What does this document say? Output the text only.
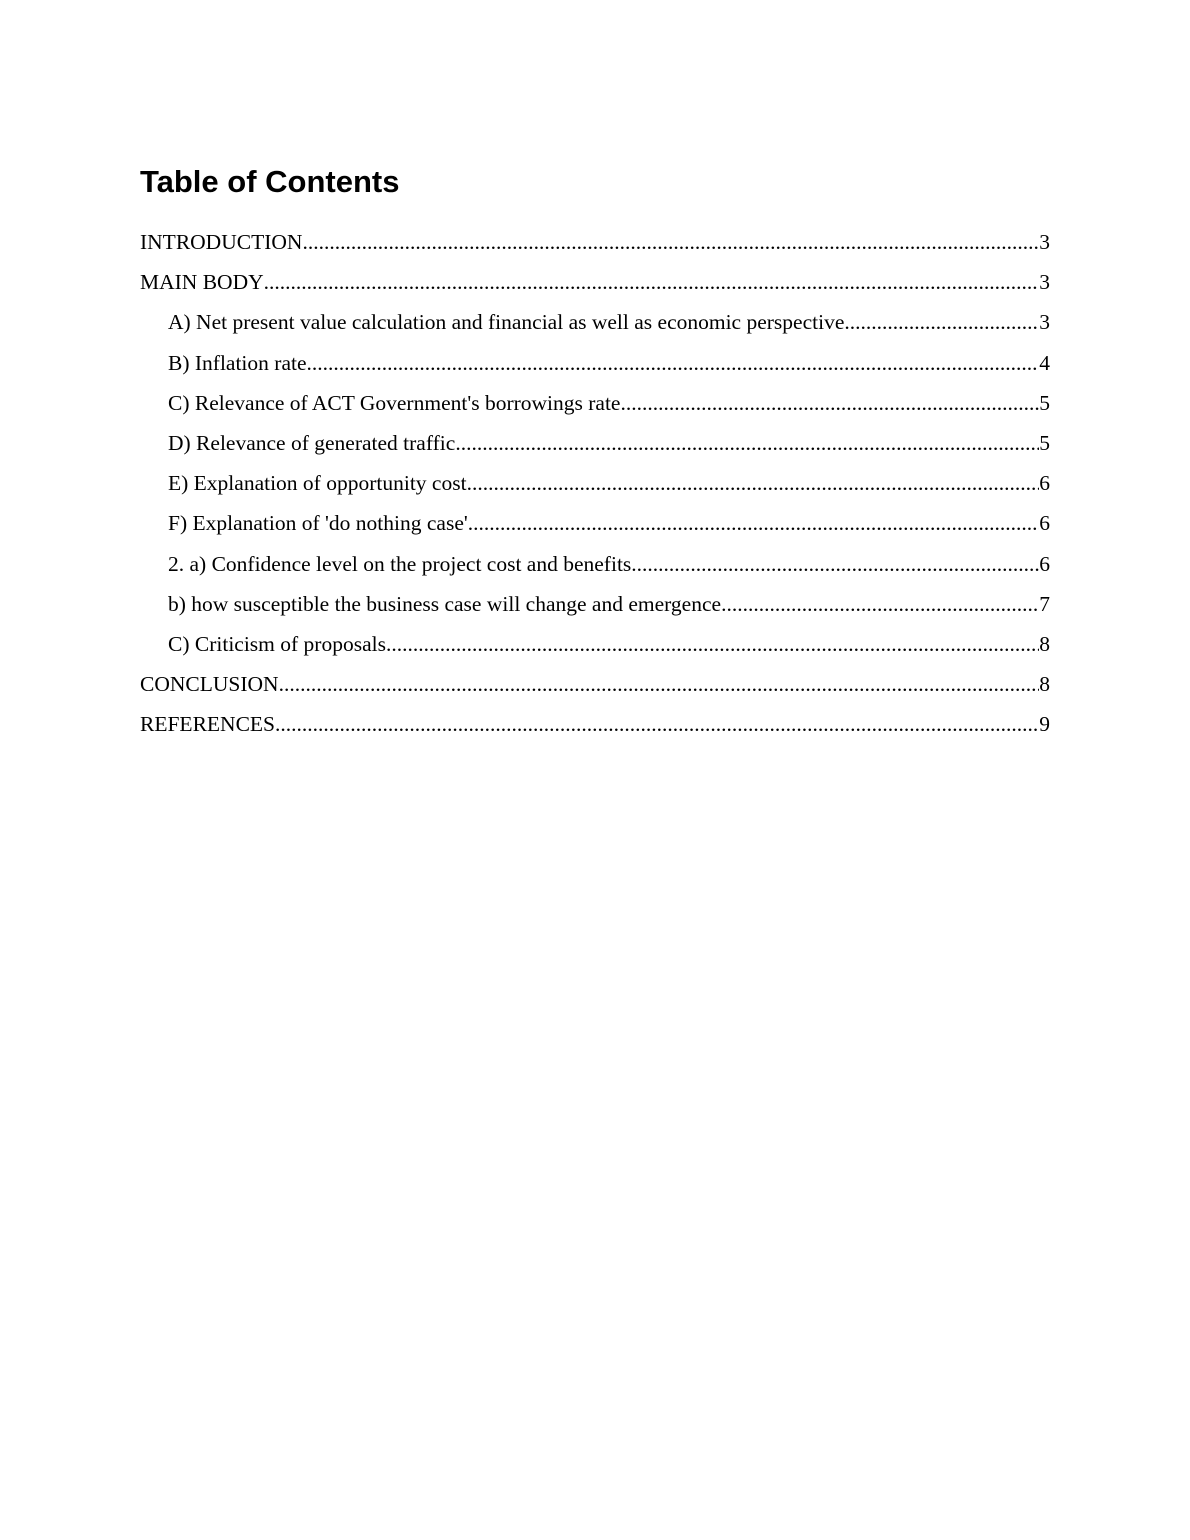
Table of Contents
INTRODUCTION .....	3
MAIN BODY .....	3
A) Net present value calculation and financial as well as economic perspective .....	3
B) Inflation rate .....	4
C) Relevance of ACT Government's borrowings rate .....	5
D) Relevance of generated traffic .....	5
E) Explanation of opportunity cost .....	6
F) Explanation of 'do nothing case' .....	6
2. a) Confidence level on the project cost and benefits .....	6
b) how susceptible the business case will change and emergence .....	7
C) Criticism of proposals .....	8
CONCLUSION .....	8
REFERENCES .....	9
